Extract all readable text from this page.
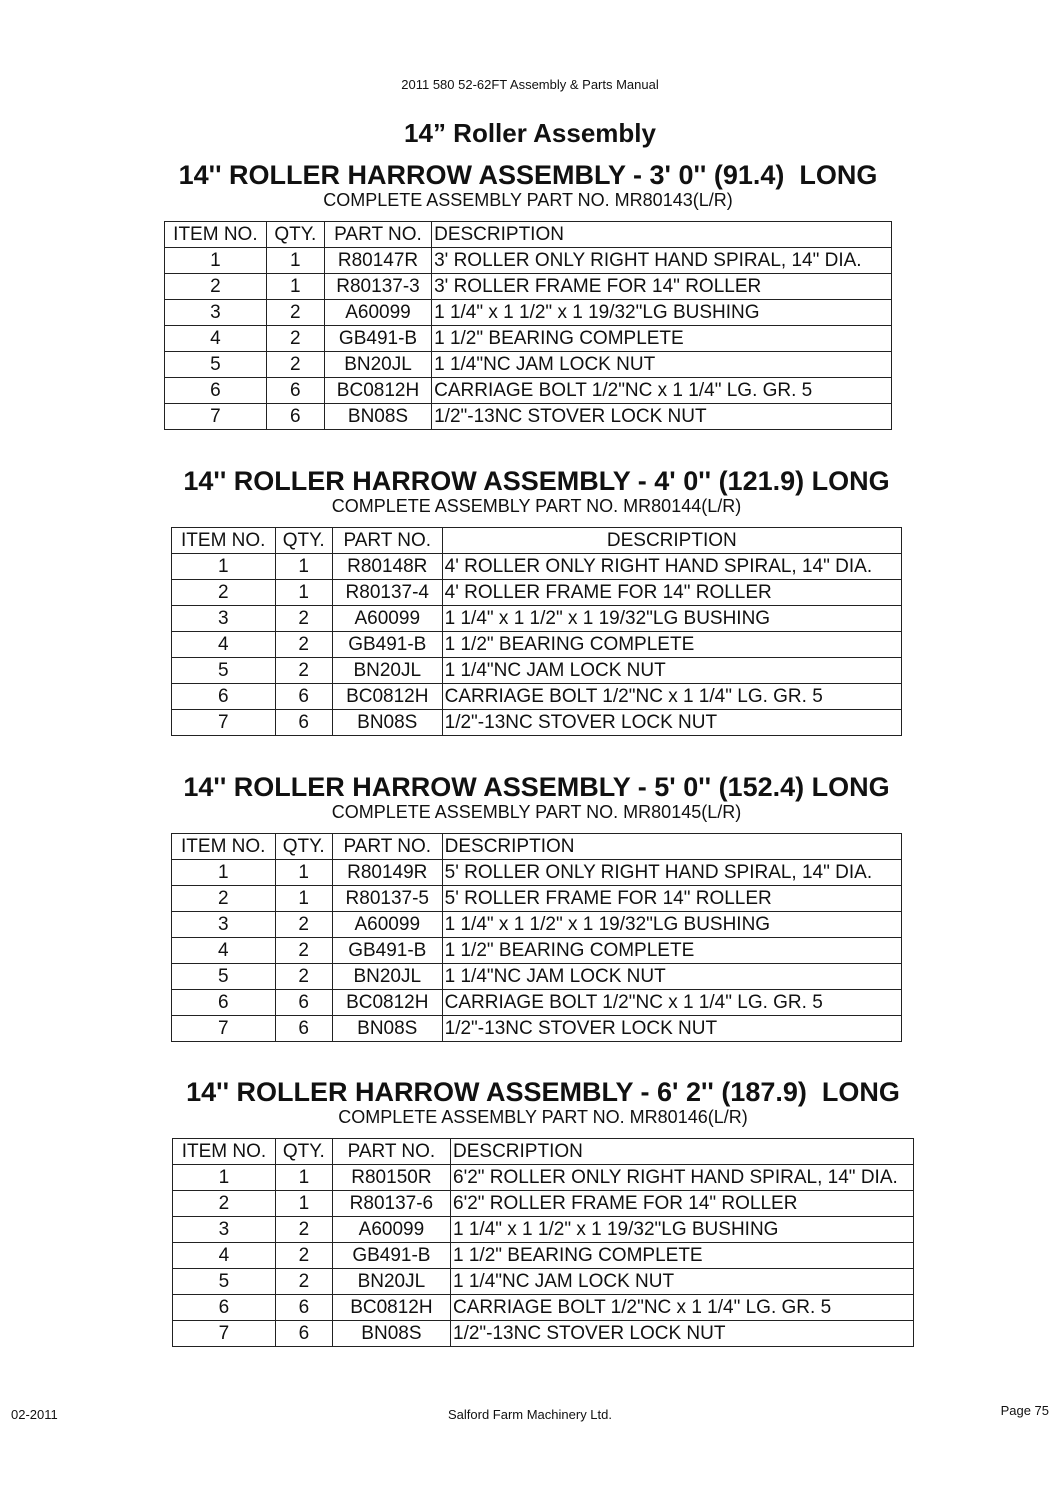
2011 580 52-62FT Assembly & Parts Manual
14” Roller Assembly
14'' ROLLER HARROW ASSEMBLY - 3' 0'' (91.4)  LONG
COMPLETE ASSEMBLY PART NO. MR80143(L/R)
ITEM NO.	QTY.	PART NO.	DESCRIPTION
1	1	R80147R	3' ROLLER ONLY RIGHT HAND SPIRAL, 14" DIA.
2	1	R80137-3	3' ROLLER FRAME FOR 14" ROLLER
3	2	A60099	1 1/4" x 1 1/2" x 1 19/32"LG BUSHING
4	2	GB491-B	1 1/2" BEARING COMPLETE
5	2	BN20JL	1 1/4"NC JAM LOCK NUT
6	6	BC0812H	CARRIAGE BOLT 1/2"NC x 1 1/4" LG. GR. 5
7	6	BN08S	1/2"-13NC STOVER LOCK NUT
14'' ROLLER HARROW ASSEMBLY - 4' 0'' (121.9) LONG
COMPLETE ASSEMBLY PART NO. MR80144(L/R)
ITEM NO.	QTY.	PART NO.	DESCRIPTION
1	1	R80148R	4' ROLLER ONLY RIGHT HAND SPIRAL, 14" DIA.
2	1	R80137-4	4' ROLLER FRAME FOR 14" ROLLER
3	2	A60099	1 1/4" x 1 1/2" x 1 19/32"LG BUSHING
4	2	GB491-B	1 1/2" BEARING COMPLETE
5	2	BN20JL	1 1/4"NC JAM LOCK NUT
6	6	BC0812H	CARRIAGE BOLT 1/2"NC x 1 1/4" LG. GR. 5
7	6	BN08S	1/2"-13NC STOVER LOCK NUT
14'' ROLLER HARROW ASSEMBLY - 5' 0'' (152.4) LONG
COMPLETE ASSEMBLY PART NO. MR80145(L/R)
ITEM NO.	QTY.	PART NO.	DESCRIPTION
1	1	R80149R	5' ROLLER ONLY RIGHT HAND SPIRAL, 14" DIA.
2	1	R80137-5	5' ROLLER FRAME FOR 14" ROLLER
3	2	A60099	1 1/4" x 1 1/2" x 1 19/32"LG BUSHING
4	2	GB491-B	1 1/2" BEARING COMPLETE
5	2	BN20JL	1 1/4"NC JAM LOCK NUT
6	6	BC0812H	CARRIAGE BOLT 1/2"NC x 1 1/4" LG. GR. 5
7	6	BN08S	1/2"-13NC STOVER LOCK NUT
14'' ROLLER HARROW ASSEMBLY - 6' 2'' (187.9)  LONG
COMPLETE ASSEMBLY PART NO. MR80146(L/R)
ITEM NO.	QTY.	PART NO.	DESCRIPTION
1	1	R80150R	6'2" ROLLER ONLY RIGHT HAND SPIRAL, 14" DIA.
2	1	R80137-6	6'2" ROLLER FRAME FOR 14" ROLLER
3	2	A60099	1 1/4" x 1 1/2" x 1 19/32"LG BUSHING
4	2	GB491-B	1 1/2" BEARING COMPLETE
5	2	BN20JL	1 1/4"NC JAM LOCK NUT
6	6	BC0812H	CARRIAGE BOLT 1/2"NC x 1 1/4" LG. GR. 5
7	6	BN08S	1/2"-13NC STOVER LOCK NUT
02-2011	Salford Farm Machinery Ltd.	Page 75
